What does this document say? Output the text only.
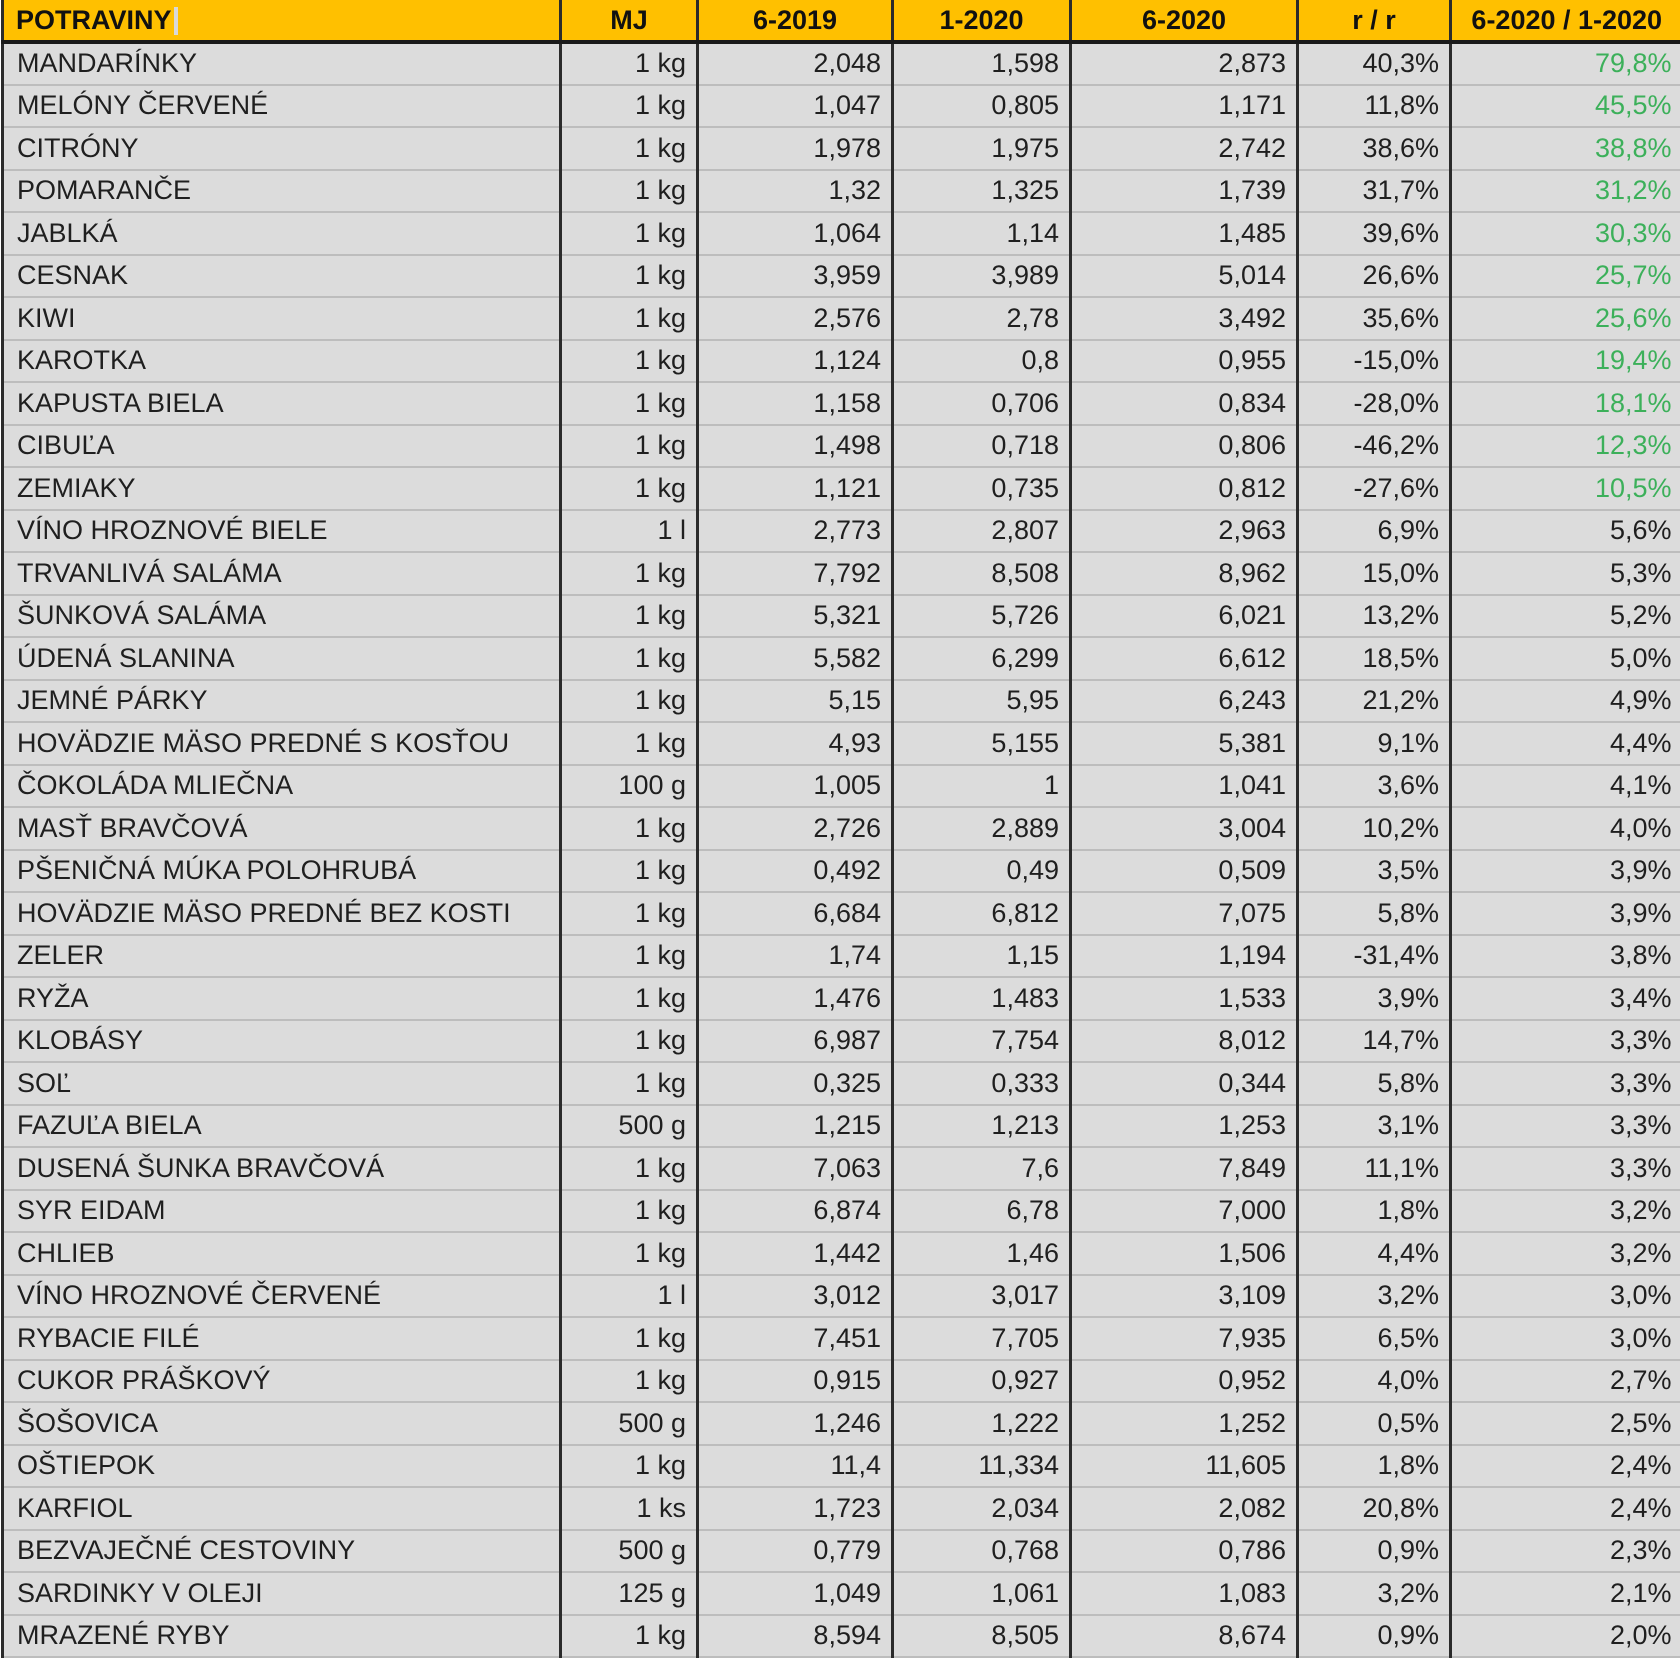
POTRAVINY	MJ	6-2019	1-2020	6-2020	r / r	6-2020 / 1-2020
MANDARÍNKY	1 kg	2,048	1,598	2,873	40,3%	79,8%
MELÓNY ČERVENÉ	1 kg	1,047	0,805	1,171	11,8%	45,5%
CITRÓNY	1 kg	1,978	1,975	2,742	38,6%	38,8%
POMARANČE	1 kg	1,32	1,325	1,739	31,7%	31,2%
JABLKÁ	1 kg	1,064	1,14	1,485	39,6%	30,3%
CESNAK	1 kg	3,959	3,989	5,014	26,6%	25,7%
KIWI	1 kg	2,576	2,78	3,492	35,6%	25,6%
KAROTKA	1 kg	1,124	0,8	0,955	-15,0%	19,4%
KAPUSTA BIELA	1 kg	1,158	0,706	0,834	-28,0%	18,1%
CIBUĽA	1 kg	1,498	0,718	0,806	-46,2%	12,3%
ZEMIAKY	1 kg	1,121	0,735	0,812	-27,6%	10,5%
VÍNO HROZNOVÉ BIELE	1 l	2,773	2,807	2,963	6,9%	5,6%
TRVANLIVÁ SALÁMA	1 kg	7,792	8,508	8,962	15,0%	5,3%
ŠUNKOVÁ SALÁMA	1 kg	5,321	5,726	6,021	13,2%	5,2%
ÚDENÁ SLANINA	1 kg	5,582	6,299	6,612	18,5%	5,0%
JEMNÉ PÁRKY	1 kg	5,15	5,95	6,243	21,2%	4,9%
HOVÄDZIE MÄSO PREDNÉ S KOSŤOU	1 kg	4,93	5,155	5,381	9,1%	4,4%
ČOKOLÁDA MLIEČNA	100 g	1,005	1	1,041	3,6%	4,1%
MASŤ BRAVČOVÁ	1 kg	2,726	2,889	3,004	10,2%	4,0%
PŠENIČNÁ MÚKA POLOHRUBÁ	1 kg	0,492	0,49	0,509	3,5%	3,9%
HOVÄDZIE MÄSO PREDNÉ BEZ KOSTI	1 kg	6,684	6,812	7,075	5,8%	3,9%
ZELER	1 kg	1,74	1,15	1,194	-31,4%	3,8%
RYŽA	1 kg	1,476	1,483	1,533	3,9%	3,4%
KLOBÁSY	1 kg	6,987	7,754	8,012	14,7%	3,3%
SOĽ	1 kg	0,325	0,333	0,344	5,8%	3,3%
FAZUĽA BIELA	500 g	1,215	1,213	1,253	3,1%	3,3%
DUSENÁ ŠUNKA BRAVČOVÁ	1 kg	7,063	7,6	7,849	11,1%	3,3%
SYR EIDAM	1 kg	6,874	6,78	7,000	1,8%	3,2%
CHLIEB	1 kg	1,442	1,46	1,506	4,4%	3,2%
VÍNO HROZNOVÉ ČERVENÉ	1 l	3,012	3,017	3,109	3,2%	3,0%
RYBACIE FILÉ	1 kg	7,451	7,705	7,935	6,5%	3,0%
CUKOR PRÁŠKOVÝ	1 kg	0,915	0,927	0,952	4,0%	2,7%
ŠOŠOVICA	500 g	1,246	1,222	1,252	0,5%	2,5%
OŠTIEPOK	1 kg	11,4	11,334	11,605	1,8%	2,4%
KARFIOL	1 ks	1,723	2,034	2,082	20,8%	2,4%
BEZVAJEČNÉ CESTOVINY	500 g	0,779	0,768	0,786	0,9%	2,3%
SARDINKY V OLEJI	125 g	1,049	1,061	1,083	3,2%	2,1%
MRAZENÉ RYBY	1 kg	8,594	8,505	8,674	0,9%	2,0%
